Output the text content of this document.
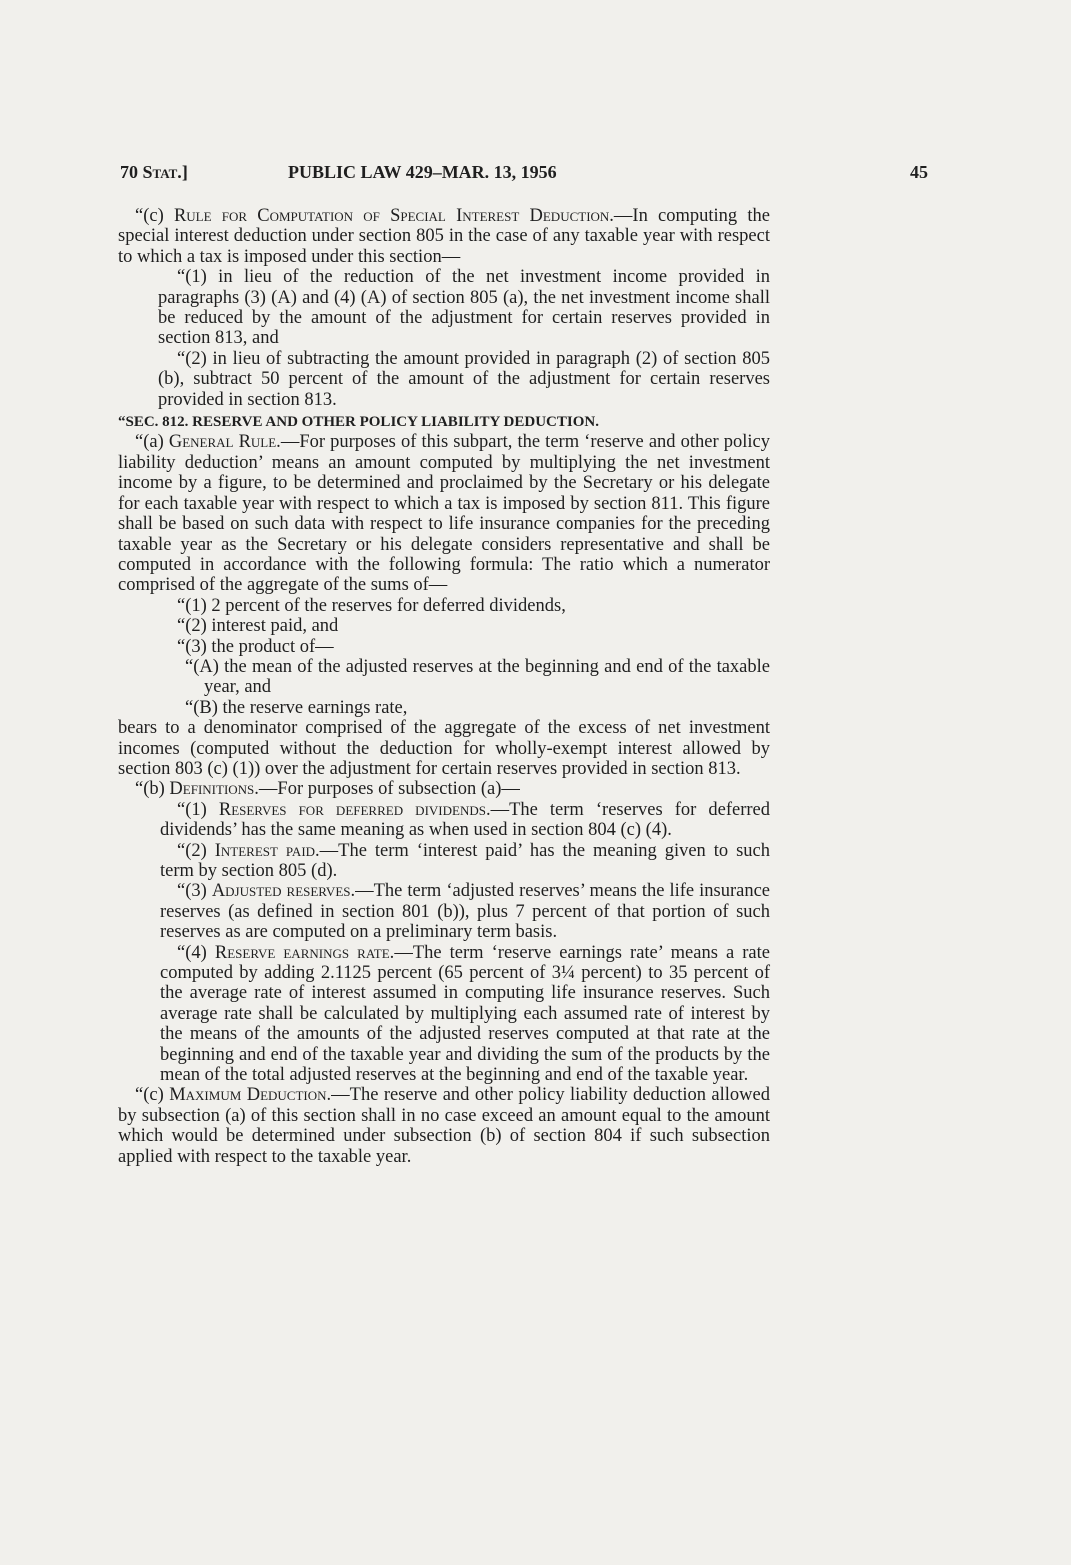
70 Stat.]	PUBLIC LAW 429–MAR. 13, 1956	45

“(c) Rule for Computation of Special Interest Deduction.—In computing the special interest deduction under section 805 in the case of any taxable year with respect to which a tax is imposed under this section—

“(1) in lieu of the reduction of the net investment income provided in paragraphs (3) (A) and (4) (A) of section 805 (a), the net investment income shall be reduced by the amount of the adjustment for certain reserves provided in section 813, and

“(2) in lieu of subtracting the amount provided in paragraph (2) of section 805 (b), subtract 50 percent of the amount of the adjustment for certain reserves provided in section 813.

“SEC. 812. RESERVE AND OTHER POLICY LIABILITY DEDUCTION.

“(a) General Rule.—For purposes of this subpart, the term ‘reserve and other policy liability deduction’ means an amount computed by multiplying the net investment income by a figure, to be determined and proclaimed by the Secretary or his delegate for each taxable year with respect to which a tax is imposed by section 811. This figure shall be based on such data with respect to life insurance companies for the preceding taxable year as the Secretary or his delegate considers representative and shall be computed in accordance with the following formula: The ratio which a numerator comprised of the aggregate of the sums of—

“(1) 2 percent of the reserves for deferred dividends,

“(2) interest paid, and

“(3) the product of—

“(A) the mean of the adjusted reserves at the beginning and end of the taxable year, and

“(B) the reserve earnings rate,

bears to a denominator comprised of the aggregate of the excess of net investment incomes (computed without the deduction for wholly-exempt interest allowed by section 803 (c) (1)) over the adjustment for certain reserves provided in section 813.

“(b) Definitions.—For purposes of subsection (a)—

“(1) Reserves for deferred dividends.—The term ‘reserves for deferred dividends’ has the same meaning as when used in section 804 (c) (4).

“(2) Interest paid.—The term ‘interest paid’ has the meaning given to such term by section 805 (d).

“(3) Adjusted reserves.—The term ‘adjusted reserves’ means the life insurance reserves (as defined in section 801 (b)), plus 7 percent of that portion of such reserves as are computed on a preliminary term basis.

“(4) Reserve earnings rate.—The term ‘reserve earnings rate’ means a rate computed by adding 2.1125 percent (65 percent of 3¼ percent) to 35 percent of the average rate of interest assumed in computing life insurance reserves. Such average rate shall be calculated by multiplying each assumed rate of interest by the means of the amounts of the adjusted reserves computed at that rate at the beginning and end of the taxable year and dividing the sum of the products by the mean of the total adjusted reserves at the beginning and end of the taxable year.

“(c) Maximum Deduction.—The reserve and other policy liability deduction allowed by subsection (a) of this section shall in no case exceed an amount equal to the amount which would be determined under subsection (b) of section 804 if such subsection applied with respect to the taxable year.
